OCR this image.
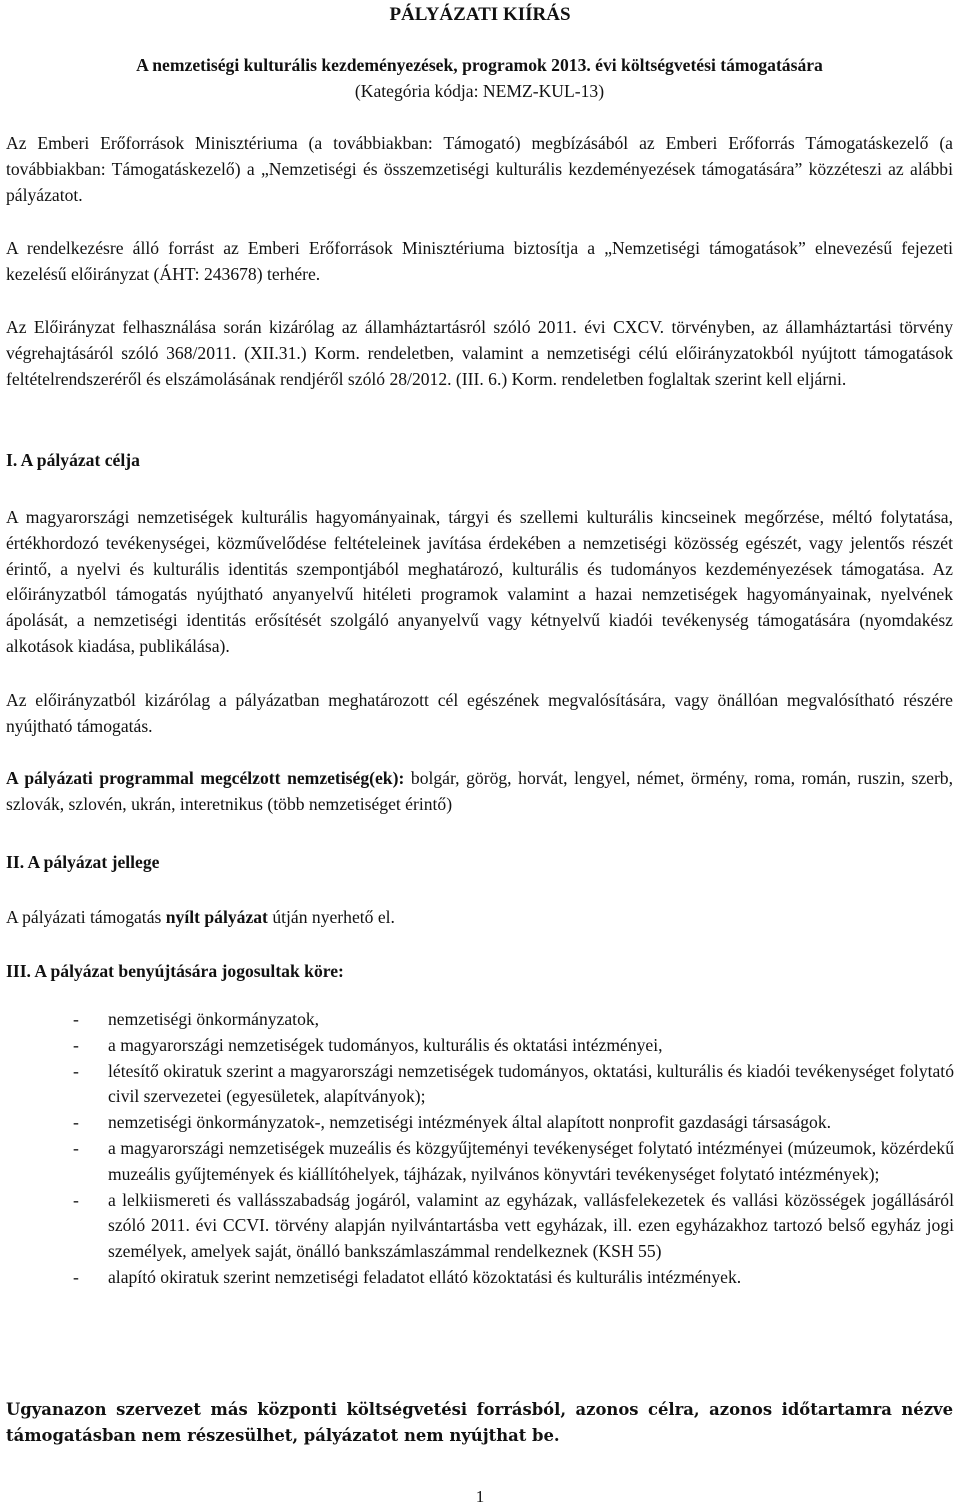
PÁLYÁZATI KIÍRÁS
A nemzetiségi kulturális kezdeményezések, programok 2013. évi költségvetési támogatására
(Kategória kódja: NEMZ-KUL-13)

Az Emberi Erőforrások Minisztériuma (a továbbiakban: Támogató) megbízásából az Emberi Erőforrás Támogatáskezelő (a továbbiakban: Támogatáskezelő) a „Nemzetiségi és összemzetiségi kulturális kezdeményezések támogatására” közzéteszi az alábbi pályázatot.

A rendelkezésre álló forrást az Emberi Erőforrások Minisztériuma biztosítja a „Nemzetiségi támogatások” elnevezésű fejezeti kezelésű előirányzat (ÁHT: 243678) terhére.

Az Előirányzat felhasználása során kizárólag az államháztartásról szóló 2011. évi CXCV. törvényben, az államháztartási törvény végrehajtásáról szóló 368/2011. (XII.31.) Korm. rendeletben, valamint a nemzetiségi célú előirányzatokból nyújtott támogatások feltételrendszeréről és elszámolásának rendjéről szóló 28/2012. (III. 6.) Korm. rendeletben foglaltak szerint kell eljárni.

I. A pályázat célja

A magyarországi nemzetiségek kulturális hagyományainak, tárgyi és szellemi kulturális kincseinek megőrzése, méltó folytatása, értékhordozó tevékenységei, közművelődése feltételeinek javítása érdekében a nemzetiségi közösség egészét, vagy jelentős részét érintő, a nyelvi és kulturális identitás szempontjából meghatározó, kulturális és tudományos kezdeményezések támogatása. Az előirányzatból támogatás nyújtható anyanyelvű hitéleti programok valamint a hazai nemzetiségek hagyományainak, nyelvének ápolását, a nemzetiségi identitás erősítését szolgáló anyanyelvű vagy kétnyelvű kiadói tevékenység támogatására (nyomdakész alkotások kiadása, publikálása).

Az előirányzatból kizárólag a pályázatban meghatározott cél egészének megvalósítására, vagy önállóan megvalósítható részére nyújtható támogatás.

A pályázati programmal megcélzott nemzetiség(ek): bolgár, görög, horvát, lengyel, német, örmény, roma, román, ruszin, szerb, szlovák, szlovén, ukrán, interetnikus (több nemzetiséget érintő)

II. A pályázat jellege

A pályázati támogatás nyílt pályázat útján nyerhető el.

III. A pályázat benyújtására jogosultak köre:
- nemzetiségi önkormányzatok,
- a magyarországi nemzetiségek tudományos, kulturális és oktatási intézményei,
- létesítő okiratuk szerint a magyarországi nemzetiségek tudományos, oktatási, kulturális és kiadói tevékenységet folytató civil szervezetei (egyesületek, alapítványok);
- nemzetiségi önkormányzatok-, nemzetiségi intézmények által alapított nonprofit gazdasági társaságok.
- a magyarországi nemzetiségek muzeális és közgyűjteményi tevékenységet folytató intézményei (múzeumok, közérdekű muzeális gyűjtemények és kiállítóhelyek, tájházak, nyilvános könyvtári tevékenységet folytató intézmények);
- a lelkiismereti és vallásszabadság jogáról, valamint az egyházak, vallásfelekezetek és vallási közösségek jogállásáról szóló 2011. évi CCVI. törvény alapján nyilvántartásba vett egyházak, ill. ezen egyházakhoz tartozó belső egyház jogi személyek, amelyek saját, önálló bankszámlaszámmal rendelkeznek (KSH 55)
- alapító okiratuk szerint nemzetiségi feladatot ellátó közoktatási és kulturális intézmények.

Ugyanazon szervezet más központi költségvetési forrásból, azonos célra, azonos időtartamra nézve támogatásban nem részesülhet, pályázatot nem nyújthat be.

1
